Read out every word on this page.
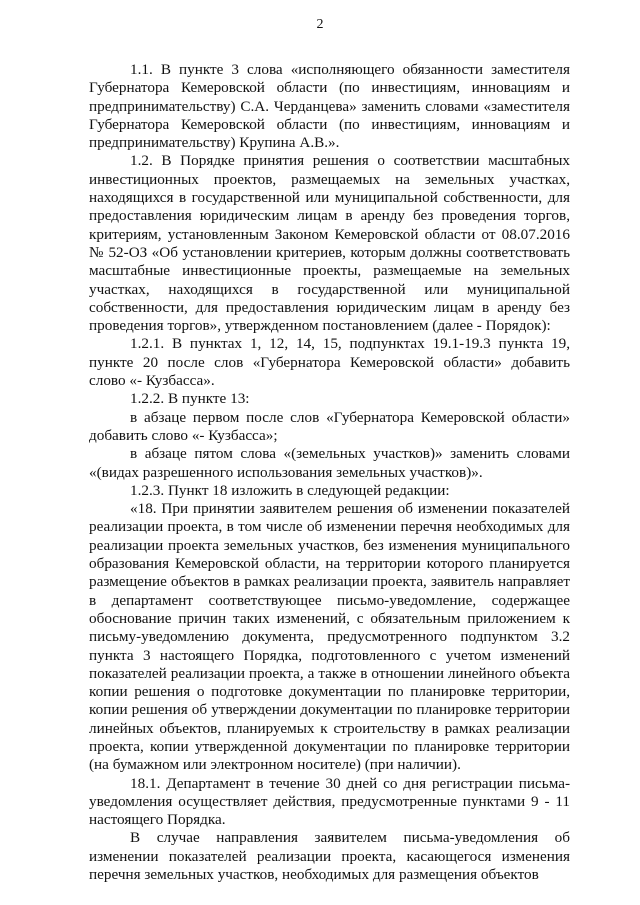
2

1.1. В пункте 3 слова «исполняющего обязанности заместителя Губернатора Кемеровской области (по инвестициям, инновациям и предпринимательству) С.А. Черданцева» заменить словами «заместителя Губернатора Кемеровской области (по инвестициям, инновациям и предпринимательству) Крупина А.В.».

1.2. В Порядке принятия решения о соответствии масштабных инвестиционных проектов, размещаемых на земельных участках, находящихся в государственной или муниципальной собственности, для предоставления юридическим лицам в аренду без проведения торгов, критериям, установленным Законом Кемеровской области от 08.07.2016 № 52-ОЗ «Об установлении критериев, которым должны соответствовать масштабные инвестиционные проекты, размещаемые на земельных участках, находящихся в государственной или муниципальной собственности, для предоставления юридическим лицам в аренду без проведения торгов», утвержденном постановлением (далее - Порядок):

1.2.1. В пунктах 1, 12, 14, 15, подпунктах 19.1-19.3 пункта 19, пункте 20 после слов «Губернатора Кемеровской области» добавить слово «- Кузбасса».

1.2.2. В пункте 13:

в абзаце первом после слов «Губернатора Кемеровской области» добавить слово «- Кузбасса»;

в абзаце пятом слова «(земельных участков)» заменить словами «(видах разрешенного использования земельных участков)».

1.2.3. Пункт 18 изложить в следующей редакции:

«18. При принятии заявителем решения об изменении показателей реализации проекта, в том числе об изменении перечня необходимых для реализации проекта земельных участков, без изменения муниципального образования Кемеровской области, на территории которого планируется размещение объектов в рамках реализации проекта, заявитель направляет в департамент соответствующее письмо-уведомление, содержащее обоснование причин таких изменений, с обязательным приложением к письму-уведомлению документа, предусмотренного подпунктом 3.2 пункта 3 настоящего Порядка, подготовленного с учетом изменений показателей реализации проекта, а также в отношении линейного объекта копии решения о подготовке документации по планировке территории, копии решения об утверждении документации по планировке территории линейных объектов, планируемых к строительству в рамках реализации проекта, копии утвержденной документации по планировке территории (на бумажном или электронном носителе) (при наличии).

18.1. Департамент в течение 30 дней со дня регистрации письма-уведомления осуществляет действия, предусмотренные пунктами 9 - 11 настоящего Порядка.

В случае направления заявителем письма-уведомления об изменении показателей реализации проекта, касающегося изменения перечня земельных участков, необходимых для размещения объектов
